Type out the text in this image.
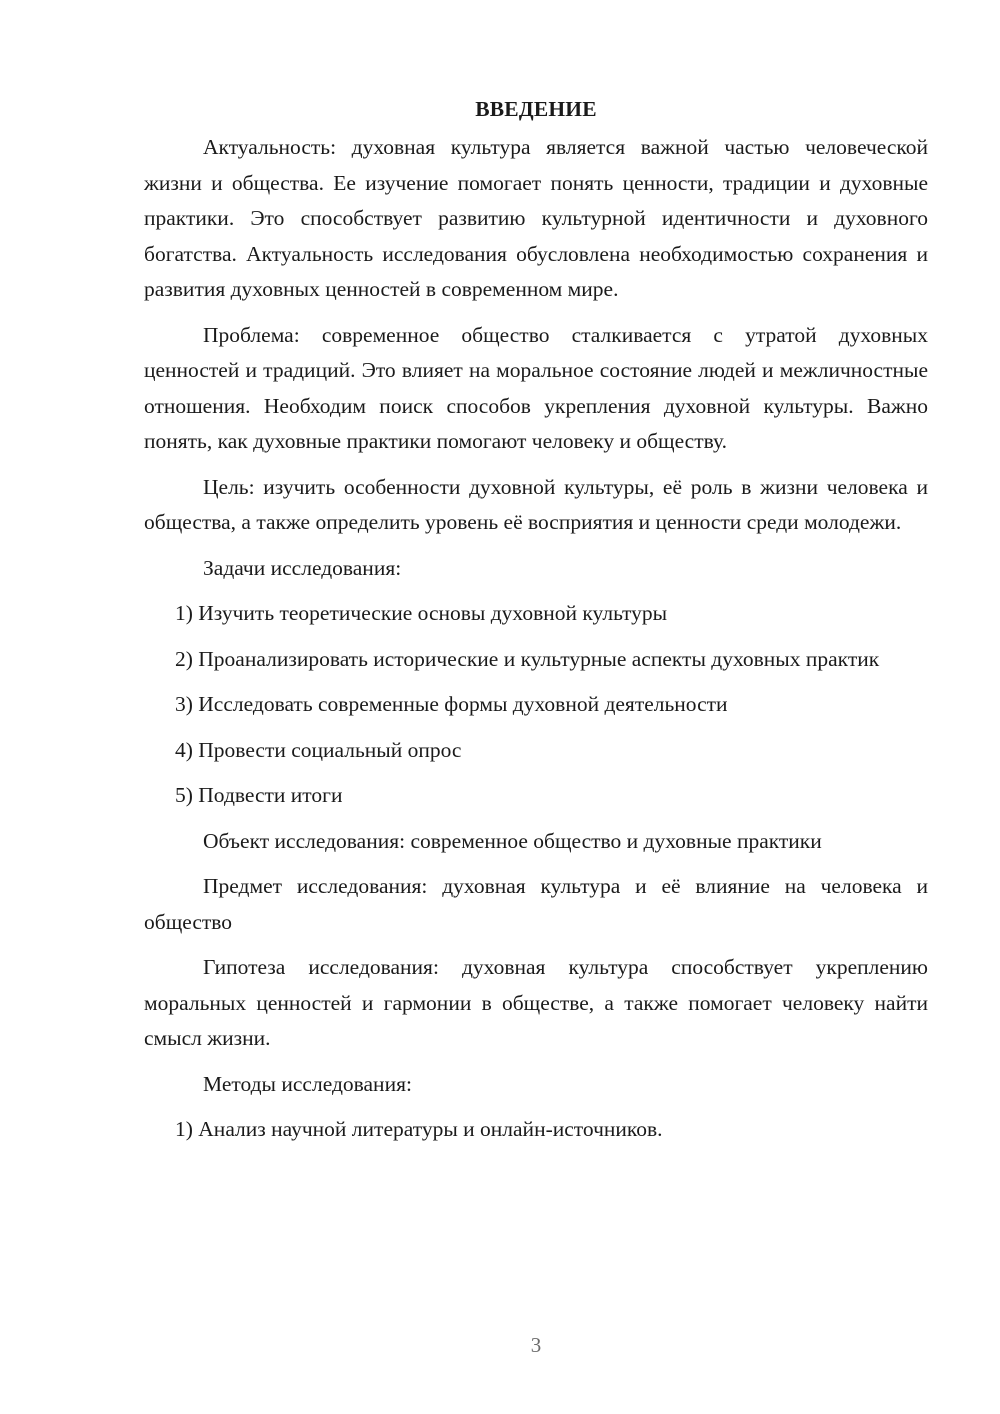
ВВЕДЕНИЕ

Актуальность: духовная культура является важной частью человеческой жизни и общества. Ее изучение помогает понять ценности, традиции и духовные практики. Это способствует развитию культурной идентичности и духовного богатства. Актуальность исследования обусловлена необходимостью сохранения и развития духовных ценностей в современном мире.

Проблема: современное общество сталкивается с утратой духовных ценностей и традиций. Это влияет на моральное состояние людей и межличностные отношения. Необходим поиск способов укрепления духовной культуры. Важно понять, как духовные практики помогают человеку и обществу.

Цель: изучить особенности духовной культуры, её роль в жизни человека и общества, а также определить уровень её восприятия и ценности среди молодежи.

Задачи исследования:

1) Изучить теоретические основы духовной культуры

2) Проанализировать исторические и культурные аспекты духовных практик

3) Исследовать современные формы духовной деятельности

4) Провести социальный опрос

5) Подвести итоги

Объект исследования: современное общество и духовные практики

Предмет исследования: духовная культура и её влияние на человека и общество

Гипотеза исследования: духовная культура способствует укреплению моральных ценностей и гармонии в обществе, а также помогает человеку найти смысл жизни.

Методы исследования:

1) Анализ научной литературы и онлайн-источников.

3
